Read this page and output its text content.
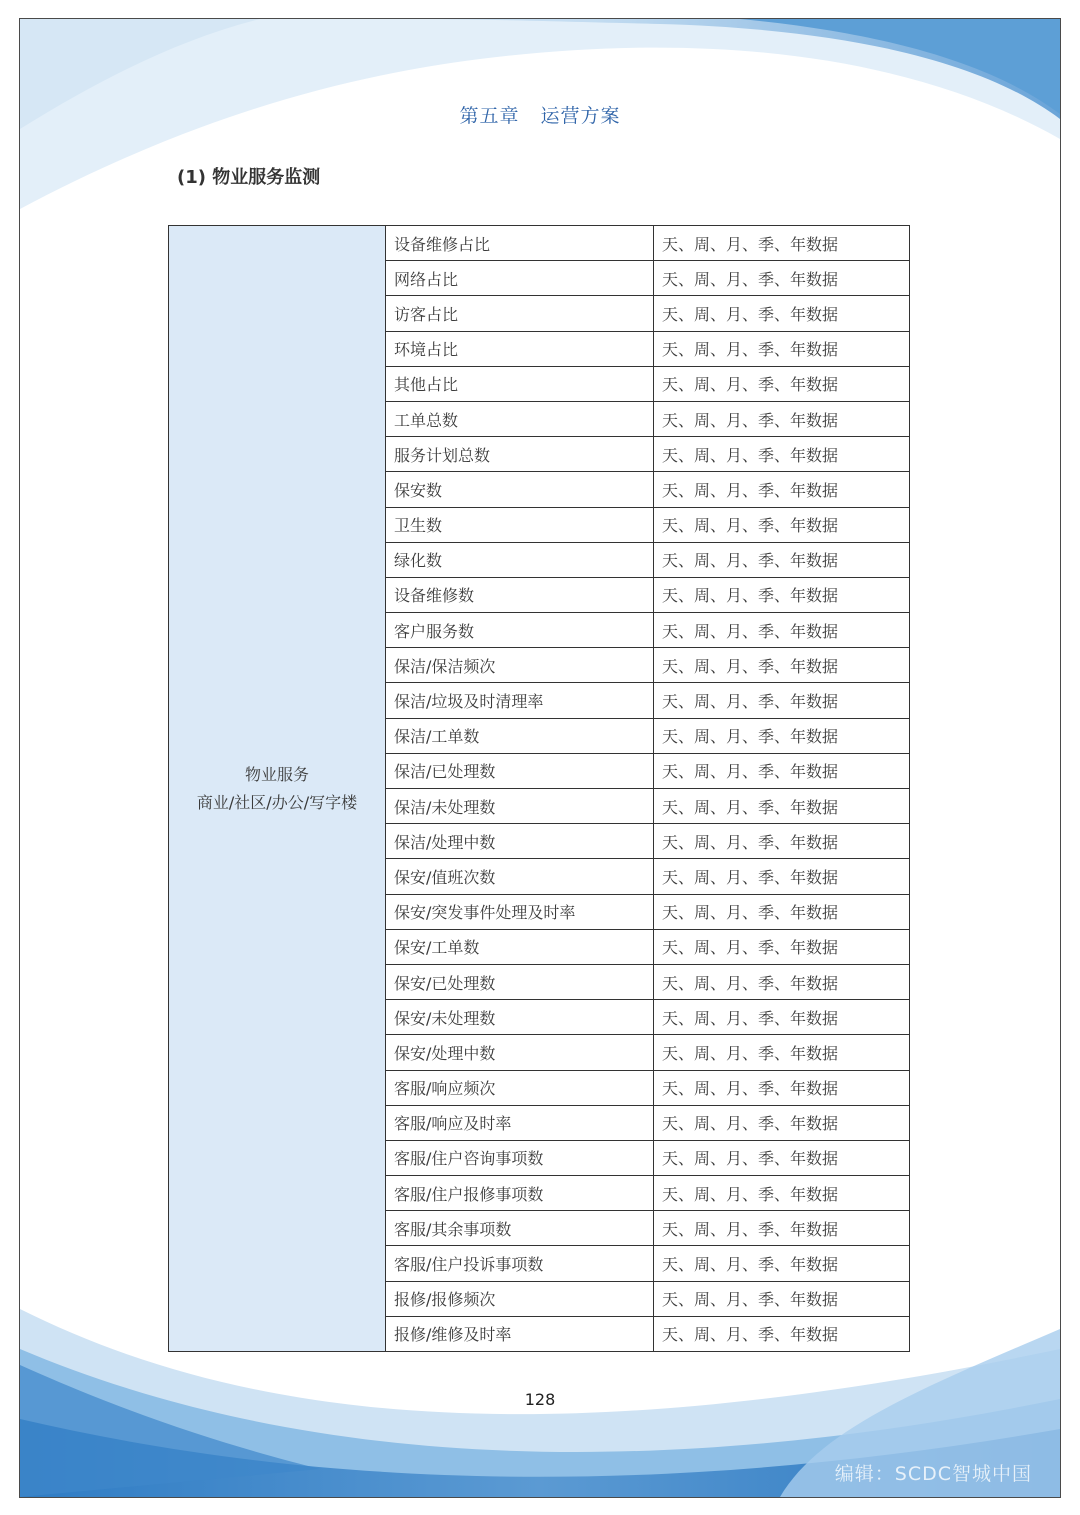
第五章   运营方案
(1) 物业服务监测
物业服务
商业/社区/办公/写字楼	设备维修占比	天、周、月、季、年数据
	网络占比	天、周、月、季、年数据
	访客占比	天、周、月、季、年数据
	环境占比	天、周、月、季、年数据
	其他占比	天、周、月、季、年数据
	工单总数	天、周、月、季、年数据
	服务计划总数	天、周、月、季、年数据
	保安数	天、周、月、季、年数据
	卫生数	天、周、月、季、年数据
	绿化数	天、周、月、季、年数据
	设备维修数	天、周、月、季、年数据
	客户服务数	天、周、月、季、年数据
	保洁/保洁频次	天、周、月、季、年数据
	保洁/垃圾及时清理率	天、周、月、季、年数据
	保洁/工单数	天、周、月、季、年数据
	保洁/已处理数	天、周、月、季、年数据
	保洁/未处理数	天、周、月、季、年数据
	保洁/处理中数	天、周、月、季、年数据
	保安/值班次数	天、周、月、季、年数据
	保安/突发事件处理及时率	天、周、月、季、年数据
	保安/工单数	天、周、月、季、年数据
	保安/已处理数	天、周、月、季、年数据
	保安/未处理数	天、周、月、季、年数据
	保安/处理中数	天、周、月、季、年数据
	客服/响应频次	天、周、月、季、年数据
	客服/响应及时率	天、周、月、季、年数据
	客服/住户咨询事项数	天、周、月、季、年数据
	客服/住户报修事项数	天、周、月、季、年数据
	客服/其余事项数	天、周、月、季、年数据
	客服/住户投诉事项数	天、周、月、季、年数据
	报修/报修频次	天、周、月、季、年数据
	报修/维修及时率	天、周、月、季、年数据
128
编辑：SCDC智城中国
